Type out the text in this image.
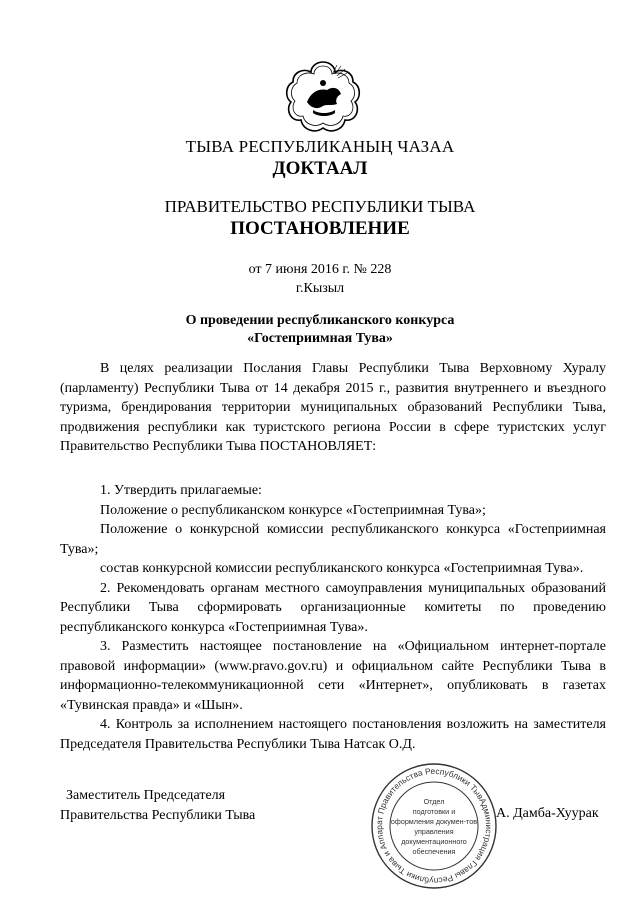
ТЫВА РЕСПУБЛИКАНЫҢ ЧАЗАА
ДОКТААЛ
ПРАВИТЕЛЬСТВО РЕСПУБЛИКИ ТЫВА
ПОСТАНОВЛЕНИЕ
от 7 июня 2016 г. № 228
г.Кызыл
О проведении республиканского конкурса
«Гостеприимная Тува»

В целях реализации Послания Главы Республики Тыва Верховному Хуралу (парламенту) Республики Тыва от 14 декабря 2015 г., развития внутреннего и въездного туризма, брендирования территории муниципальных образований Республики Тыва, продвижения республики как туристского региона России в сфере туристских услуг Правительство Республики Тыва ПОСТАНОВЛЯЕТ:

1. Утвердить прилагаемые:

Положение о республиканском конкурсе «Гостеприимная Тува»;

Положение о конкурсной комиссии республиканского конкурса «Гостеприимная Тува»;

состав конкурсной комиссии республиканского конкурса «Гостеприимная Тува».

2. Рекомендовать органам местного самоуправления муниципальных образований Республики Тыва сформировать организационные комитеты по проведению республиканского конкурса «Гостеприимная Тува».

3. Разместить настоящее постановление на «Официальном интернет-портале правовой информации» (www.pravo.gov.ru) и официальном сайте Республики Тыва в информационно-телекоммуникационной сети «Интернет», опубликовать в газетах «Тувинская правда» и «Шын».

4. Контроль за исполнением настоящего постановления возложить на заместителя Председателя Правительства Республики Тыва Натсак О.Д.

Заместитель Председателя
Правительства Республики Тыва
Администрация Главы Республики Тыва и Аппарат Правительства Республики Тыва
Отдел
подготовки и
оформления докумен-тов
управления
документационного
обеспечения
А. Дамба-Хуурак
